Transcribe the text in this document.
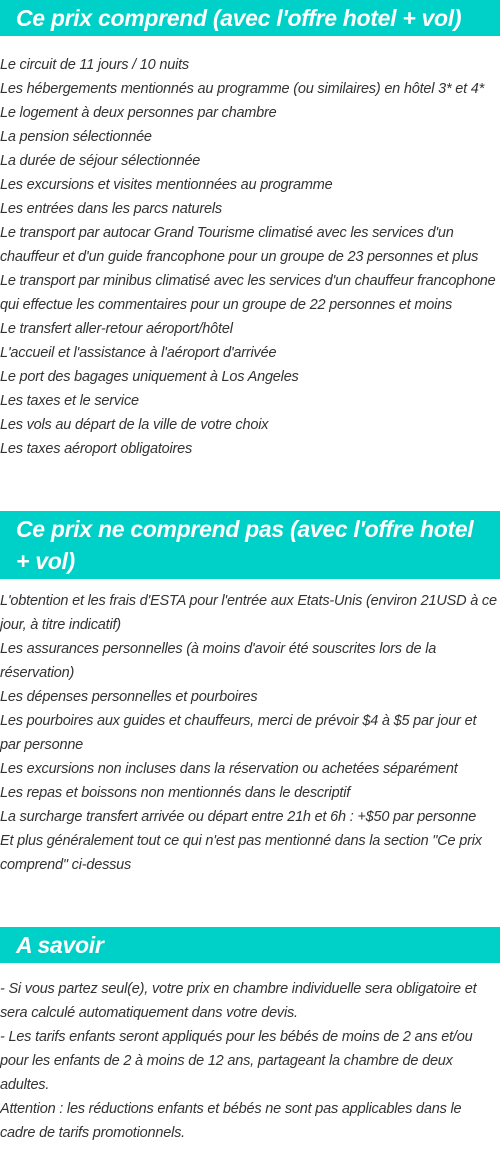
Ce prix comprend (avec l'offre hotel + vol)
Le circuit de 11 jours / 10 nuits
Les hébergements mentionnés au programme (ou similaires) en hôtel 3* et 4*
Le logement à deux personnes par chambre
La pension sélectionnée
La durée de séjour sélectionnée
Les excursions et visites mentionnées au programme
Les entrées dans les parcs naturels
Le transport par autocar Grand Tourisme climatisé avec les services d'un chauffeur et d'un guide francophone pour un groupe de 23 personnes et plus
Le transport par minibus climatisé avec les services d'un chauffeur francophone qui effectue les commentaires pour un groupe de 22 personnes et moins
Le transfert aller-retour aéroport/hôtel
L'accueil et l'assistance à l'aéroport d'arrivée
Le port des bagages uniquement à Los Angeles
Les taxes et le service
Les vols au départ de la ville de votre choix
Les taxes aéroport obligatoires
Ce prix ne comprend pas (avec l'offre hotel + vol)
L'obtention et les frais d'ESTA pour l'entrée aux Etats-Unis (environ 21USD à ce jour, à titre indicatif)
Les assurances personnelles (à moins d'avoir été souscrites lors de la réservation)
Les dépenses personnelles et pourboires
Les pourboires aux guides et chauffeurs, merci de prévoir $4 à $5 par jour et par personne
Les excursions non incluses dans la réservation ou achetées séparément
Les repas et boissons non mentionnés dans le descriptif
La surcharge transfert arrivée ou départ entre 21h et 6h : +$50 par personne
Et plus généralement tout ce qui n'est pas mentionné dans la section "Ce prix comprend" ci-dessus
A savoir
- Si vous partez seul(e), votre prix en chambre individuelle sera obligatoire et sera calculé automatiquement dans votre devis.
- Les tarifs enfants seront appliqués pour les bébés de moins de 2 ans et/ou pour les enfants de 2 à moins de 12 ans, partageant la chambre de deux adultes.
Attention : les réductions enfants et bébés ne sont pas applicables dans le cadre de tarifs promotionnels.
